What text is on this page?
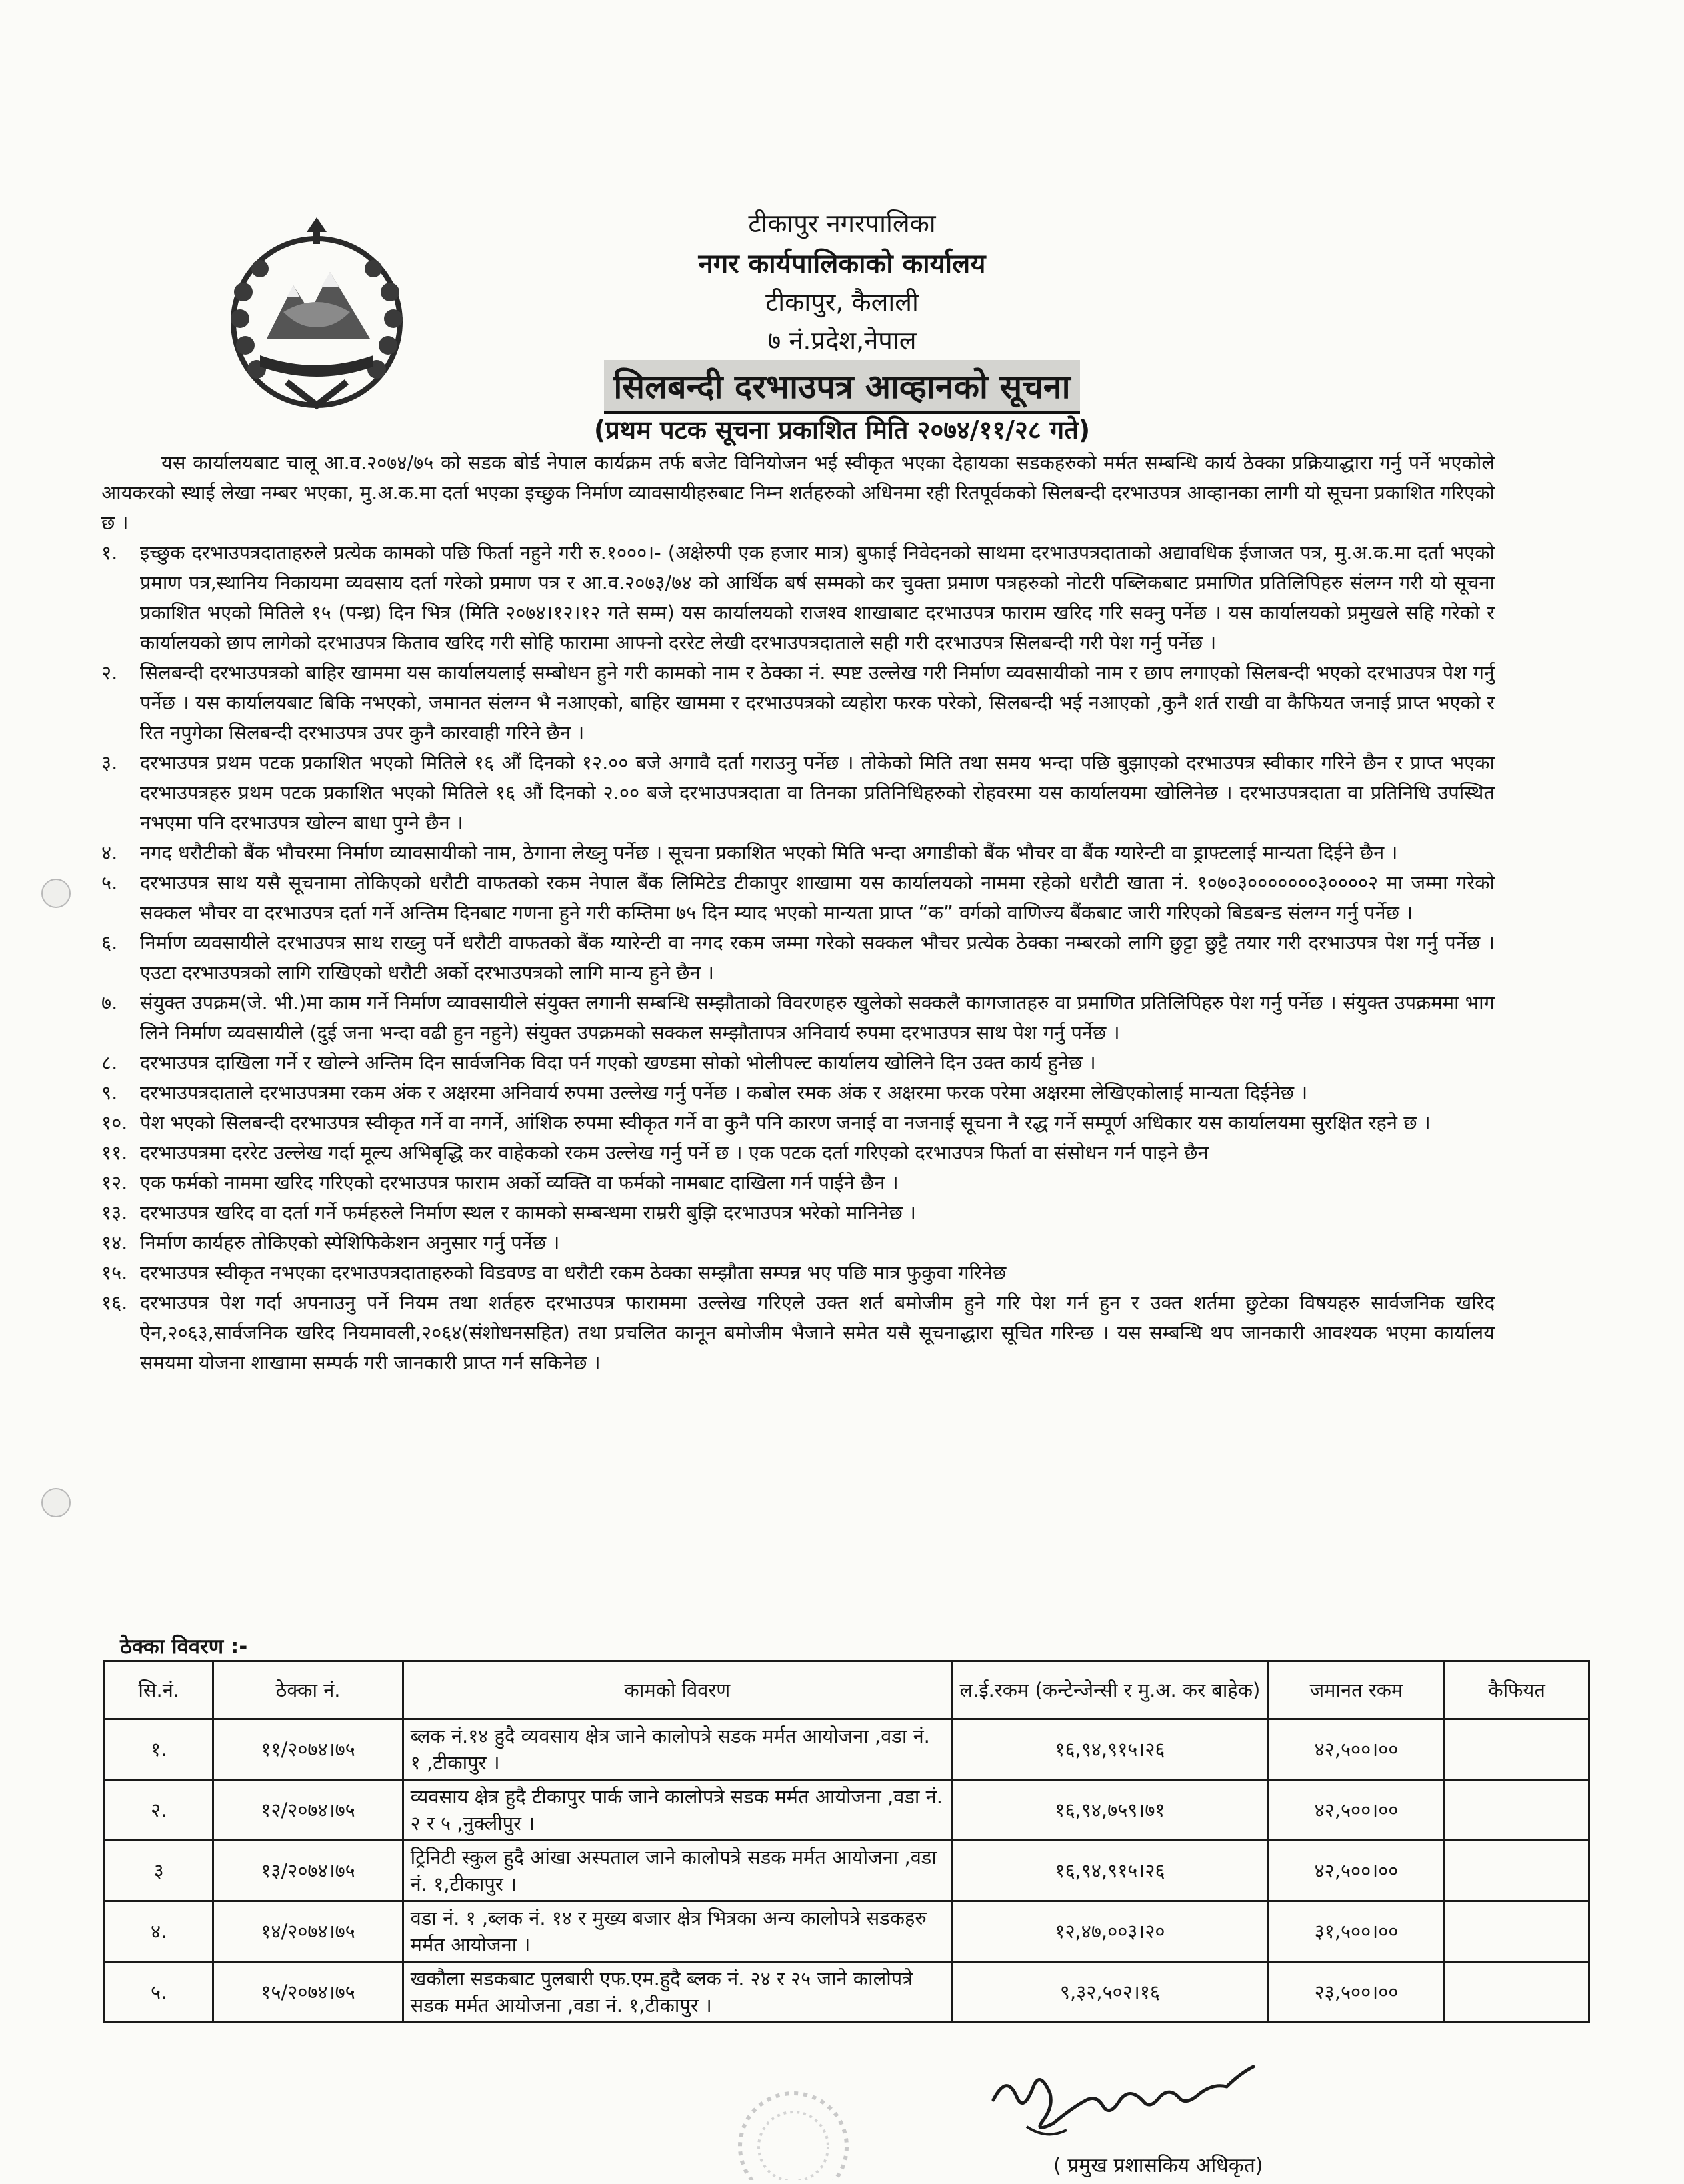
टीकापुर नगरपालिका
नगर कार्यपालिकाको कार्यालय
टीकापुर, कैलाली
७ नं.प्रदेश,नेपाल
सिलबन्दी दरभाउपत्र आव्हानको सूचना
(प्रथम पटक सूचना प्रकाशित मिति २०७४/११/२८ गते)

यस कार्यालयबाट चालू आ.व.२०७४/७५ को सडक बोर्ड नेपाल कार्यक्रम तर्फ बजेट विनियोजन भई स्वीकृत भएका देहायका सडकहरुको मर्मत सम्बन्धि कार्य ठेक्का प्रक्रियाद्धारा गर्नु पर्ने भएकोले आयकरको स्थाई लेखा नम्बर भएका, मु.अ.क.मा दर्ता भएका इच्छुक निर्माण व्यावसायीहरुबाट निम्न शर्तहरुको अधिनमा रही रितपूर्वकको सिलबन्दी दरभाउपत्र आव्हानका लागी यो सूचना प्रकाशित गरिएको छ ।

१.	इच्छुक दरभाउपत्रदाताहरुले प्रत्येक कामको पछि फिर्ता नहुने गरी रु.१०००।- (अक्षेरुपी एक हजार मात्र) बुफाई निवेदनको साथमा दरभाउपत्रदाताको अद्यावधिक ईजाजत पत्र, मु.अ.क.मा दर्ता भएको प्रमाण पत्र,स्थानिय निकायमा व्यवसाय दर्ता गरेको प्रमाण पत्र र आ.व.२०७३/७४ को आर्थिक बर्ष सम्मको कर चुक्ता प्रमाण पत्रहरुको नोटरी पब्लिकबाट प्रमाणित प्रतिलिपिहरु संलग्न गरी यो सूचना प्रकाशित भएको मितिले १५ (पन्ध्र) दिन भित्र (मिति २०७४।१२।१२ गते सम्म) यस कार्यालयको राजश्व शाखाबाट दरभाउपत्र फाराम खरिद गरि सक्नु पर्नेछ । यस कार्यालयको प्रमुखले सहि गरेको र कार्यालयको छाप लागेको दरभाउपत्र किताव खरिद गरी सोहि फारामा आफ्नो दररेट लेखी दरभाउपत्रदाताले सही गरी दरभाउपत्र सिलबन्दी गरी पेश गर्नु पर्नेछ ।
२.	सिलबन्दी दरभाउपत्रको बाहिर खाममा यस कार्यालयलाई सम्बोधन हुने गरी कामको नाम र ठेक्का नं. स्पष्ट उल्लेख गरी निर्माण व्यवसायीको नाम र छाप लगाएको सिलबन्दी भएको दरभाउपत्र पेश गर्नु पर्नेछ । यस कार्यालयबाट बिकि नभएको, जमानत संलग्न भै नआएको, बाहिर खाममा र दरभाउपत्रको व्यहोरा फरक परेको, सिलबन्दी भई नआएको ,कुनै शर्त राखी वा कैफियत जनाई प्राप्त भएको र रित नपुगेका सिलबन्दी दरभाउपत्र उपर कुनै कारवाही गरिने छैन ।
३.	दरभाउपत्र प्रथम पटक प्रकाशित भएको मितिले १६ औं दिनको १२.०० बजे अगावै दर्ता गराउनु पर्नेछ । तोकेको मिति तथा समय भन्दा पछि बुझाएको दरभाउपत्र स्वीकार गरिने छैन र प्राप्त भएका दरभाउपत्रहरु प्रथम पटक प्रकाशित भएको मितिले १६ औं दिनको २.०० बजे दरभाउपत्रदाता वा तिनका प्रतिनिधिहरुको रोहवरमा यस कार्यालयमा खोलिनेछ । दरभाउपत्रदाता वा प्रतिनिधि उपस्थित नभएमा पनि दरभाउपत्र खोल्न बाधा पुग्ने छैन ।
४.	नगद धरौटीको बैंक भौचरमा निर्माण व्यावसायीको नाम, ठेगाना लेख्नु पर्नेछ । सूचना प्रकाशित भएको मिति भन्दा अगाडीको बैंक भौचर वा बैंक ग्यारेन्टी वा ड्राफ्टलाई मान्यता दिईने छैन ।
५.	दरभाउपत्र साथ यसै सूचनामा तोकिएको धरौटी वाफतको रकम नेपाल बैंक लिमिटेड टीकापुर शाखामा यस कार्यालयको नाममा रहेको धरौटी खाता नं. १०७०३०००००००३००००२ मा जम्मा गरेको सक्कल भौचर वा दरभाउपत्र दर्ता गर्ने अन्तिम दिनबाट गणना हुने गरी कम्तिमा ७५ दिन म्याद भएको मान्यता प्राप्त “क” वर्गको वाणिज्य बैंकबाट जारी गरिएको बिडबन्ड संलग्न गर्नु पर्नेछ ।
६.	निर्माण व्यवसायीले दरभाउपत्र साथ राख्नु पर्ने धरौटी वाफतको बैंक ग्यारेन्टी वा नगद रकम जम्मा गरेको सक्कल भौचर प्रत्येक ठेक्का नम्बरको लागि छुट्टा छुट्टै तयार गरी दरभाउपत्र पेश गर्नु पर्नेछ । एउटा दरभाउपत्रको लागि राखिएको धरौटी अर्को दरभाउपत्रको लागि मान्य हुने छैन ।
७.	संयुक्त उपक्रम(जे. भी.)मा काम गर्ने निर्माण व्यावसायीले संयुक्त लगानी सम्बन्धि सम्झौताको विवरणहरु खुलेको सक्कलै कागजातहरु वा प्रमाणित प्रतिलिपिहरु पेश गर्नु पर्नेछ । संयुक्त उपक्रममा भाग लिने निर्माण व्यवसायीले (दुई जना भन्दा वढी हुन नहुने) संयुक्त उपक्रमको सक्कल सम्झौतापत्र अनिवार्य रुपमा दरभाउपत्र साथ पेश गर्नु पर्नेछ ।
८.	दरभाउपत्र दाखिला गर्ने र खोल्ने अन्तिम दिन सार्वजनिक विदा पर्न गएको खण्डमा सोको भोलीपल्ट कार्यालय खोलिने दिन उक्त कार्य हुनेछ ।
९.	दरभाउपत्रदाताले दरभाउपत्रमा रकम अंक र अक्षरमा अनिवार्य रुपमा उल्लेख गर्नु पर्नेछ । कबोल रमक अंक र अक्षरमा फरक परेमा अक्षरमा लेखिएकोलाई मान्यता दिईनेछ ।
१०. पेश भएको सिलबन्दी दरभाउपत्र स्वीकृत गर्ने वा नगर्ने, आंशिक रुपमा स्वीकृत गर्ने वा कुनै पनि कारण जनाई वा नजनाई सूचना नै रद्ध गर्ने सम्पूर्ण अधिकार यस कार्यालयमा सुरक्षित रहने छ ।
११. दरभाउपत्रमा दररेट उल्लेख गर्दा मूल्य अभिबृद्धि कर वाहेकको रकम उल्लेख गर्नु पर्ने छ । एक पटक दर्ता गरिएको दरभाउपत्र फिर्ता वा संसोधन गर्न पाइने छैन
१२. एक फर्मको नाममा खरिद गरिएको दरभाउपत्र फाराम अर्को व्यक्ति वा फर्मको नामबाट दाखिला गर्न पाईने छैन ।
१३. दरभाउपत्र खरिद वा दर्ता गर्ने फर्महरुले निर्माण स्थल र कामको सम्बन्धमा राम्ररी बुझि दरभाउपत्र भरेको मानिनेछ ।
१४. निर्माण कार्यहरु तोकिएको स्पेशिफिकेशन अनुसार गर्नु पर्नेछ ।
१५. दरभाउपत्र स्वीकृत नभएका दरभाउपत्रदाताहरुको विडवण्ड वा धरौटी रकम ठेक्का सम्झौता सम्पन्न भए पछि मात्र फुकुवा गरिनेछ
१६. दरभाउपत्र पेश गर्दा अपनाउनु पर्ने नियम तथा शर्तहरु दरभाउपत्र फाराममा उल्लेख गरिएले उक्त शर्त बमोजीम हुने गरि पेश गर्न हुन र उक्त शर्तमा छुटेका विषयहरु सार्वजनिक खरिद ऐन,२०६३,सार्वजनिक खरिद नियमावली,२०६४(संशोधनसहित) तथा प्रचलित कानून बमोजीम भैजाने समेत यसै सूचनाद्धारा सूचित गरिन्छ । यस सम्बन्धि थप जानकारी आवश्यक भएमा कार्यालय समयमा योजना शाखामा सम्पर्क गरी जानकारी प्राप्त गर्न सकिनेछ ।
ठेक्का विवरण :-
सि.नं.	ठेक्का नं.	कामको विवरण	ल.ई.रकम (कन्टेन्जेन्सी र मु.अ. कर बाहेक)	जमानत रकम	कैफियत
१.	११/२०७४।७५	ब्लक नं.१४ हुदै व्यवसाय क्षेत्र जाने कालोपत्रे सडक मर्मत आयोजना ,वडा नं. १ ,टीकापुर ।	१६,९४,९१५।२६	४२,५००।००	
२.	१२/२०७४।७५	व्यवसाय क्षेत्र हुदै टीकापुर पार्क जाने कालोपत्रे सडक मर्मत आयोजना ,वडा नं. २ र ५ ,नुक्लीपुर ।	१६,९४,७५९।७१	४२,५००।००	
३	१३/२०७४।७५	ट्रिनिटी स्कुल हुदै आंखा अस्पताल जाने कालोपत्रे सडक मर्मत आयोजना ,वडा नं. १,टीकापुर ।	१६,९४,९१५।२६	४२,५००।००	
४.	१४/२०७४।७५	वडा नं. १ ,ब्लक नं. १४ र मुख्य बजार क्षेत्र भित्रका अन्य कालोपत्रे सडकहरु मर्मत आयोजना ।	१२,४७,००३।२०	३१,५००।००	
५.	१५/२०७४।७५	खकौला सडकबाट पुलबारी एफ.एम.हुदै ब्लक नं. २४ र २५ जाने कालोपत्रे सडक मर्मत आयोजना ,वडा नं. १,टीकापुर ।	९,३२,५०२।१६	२३,५००।००	
( प्रमुख प्रशासकिय अधिकृत)
